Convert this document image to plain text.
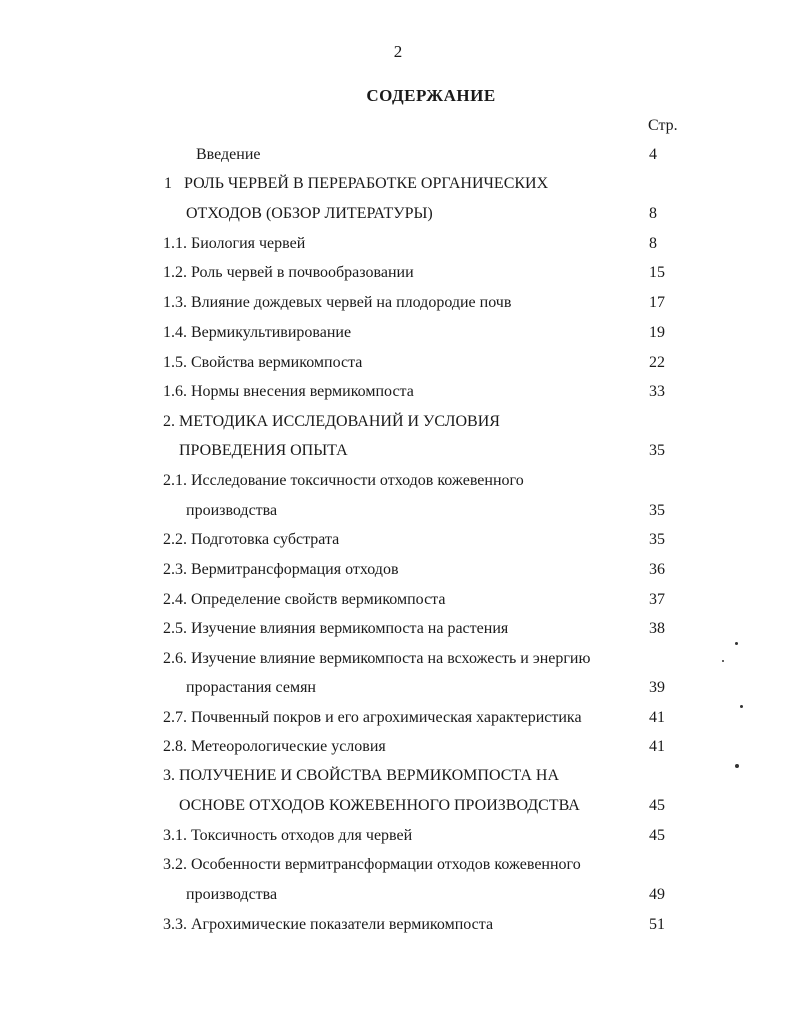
2
СОДЕРЖАНИЕ
Стр.
Введение	4
1   РОЛЬ ЧЕРВЕЙ В ПЕРЕРАБОТКЕ ОРГАНИЧЕСКИХ
ОТХОДОВ (ОБЗОР ЛИТЕРАТУРЫ)	8
1.1. Биология червей	8
1.2. Роль червей в почвообразовании	15
1.3. Влияние дождевых червей на плодородие почв	17
1.4. Вермикультивирование	19
1.5. Свойства вермикомпоста	22
1.6. Нормы внесения вермикомпоста	33
2. МЕТОДИКА ИССЛЕДОВАНИЙ И УСЛОВИЯ
ПРОВЕДЕНИЯ ОПЫТА	35
2.1. Исследование токсичности отходов кожевенного
производства	35
2.2. Подготовка субстрата	35
2.3. Вермитрансформация отходов	36
2.4. Определение свойств вермикомпоста	37
2.5. Изучение влияния вермикомпоста на растения	38
2.6. Изучение влияние вермикомпоста на всхожесть и энергию
прорастания семян	39
2.7. Почвенный покров и его агрохимическая характеристика	41
2.8. Метеорологические условия	41
3. ПОЛУЧЕНИЕ И СВОЙСТВА ВЕРМИКОМПОСТА НА
ОСНОВЕ ОТХОДОВ КОЖЕВЕННОГО ПРОИЗВОДСТВА	45
3.1. Токсичность отходов для червей	45
3.2. Особенности вермитрансформации отходов кожевенного
производства	49
3.3. Агрохимические показатели вермикомпоста	51
